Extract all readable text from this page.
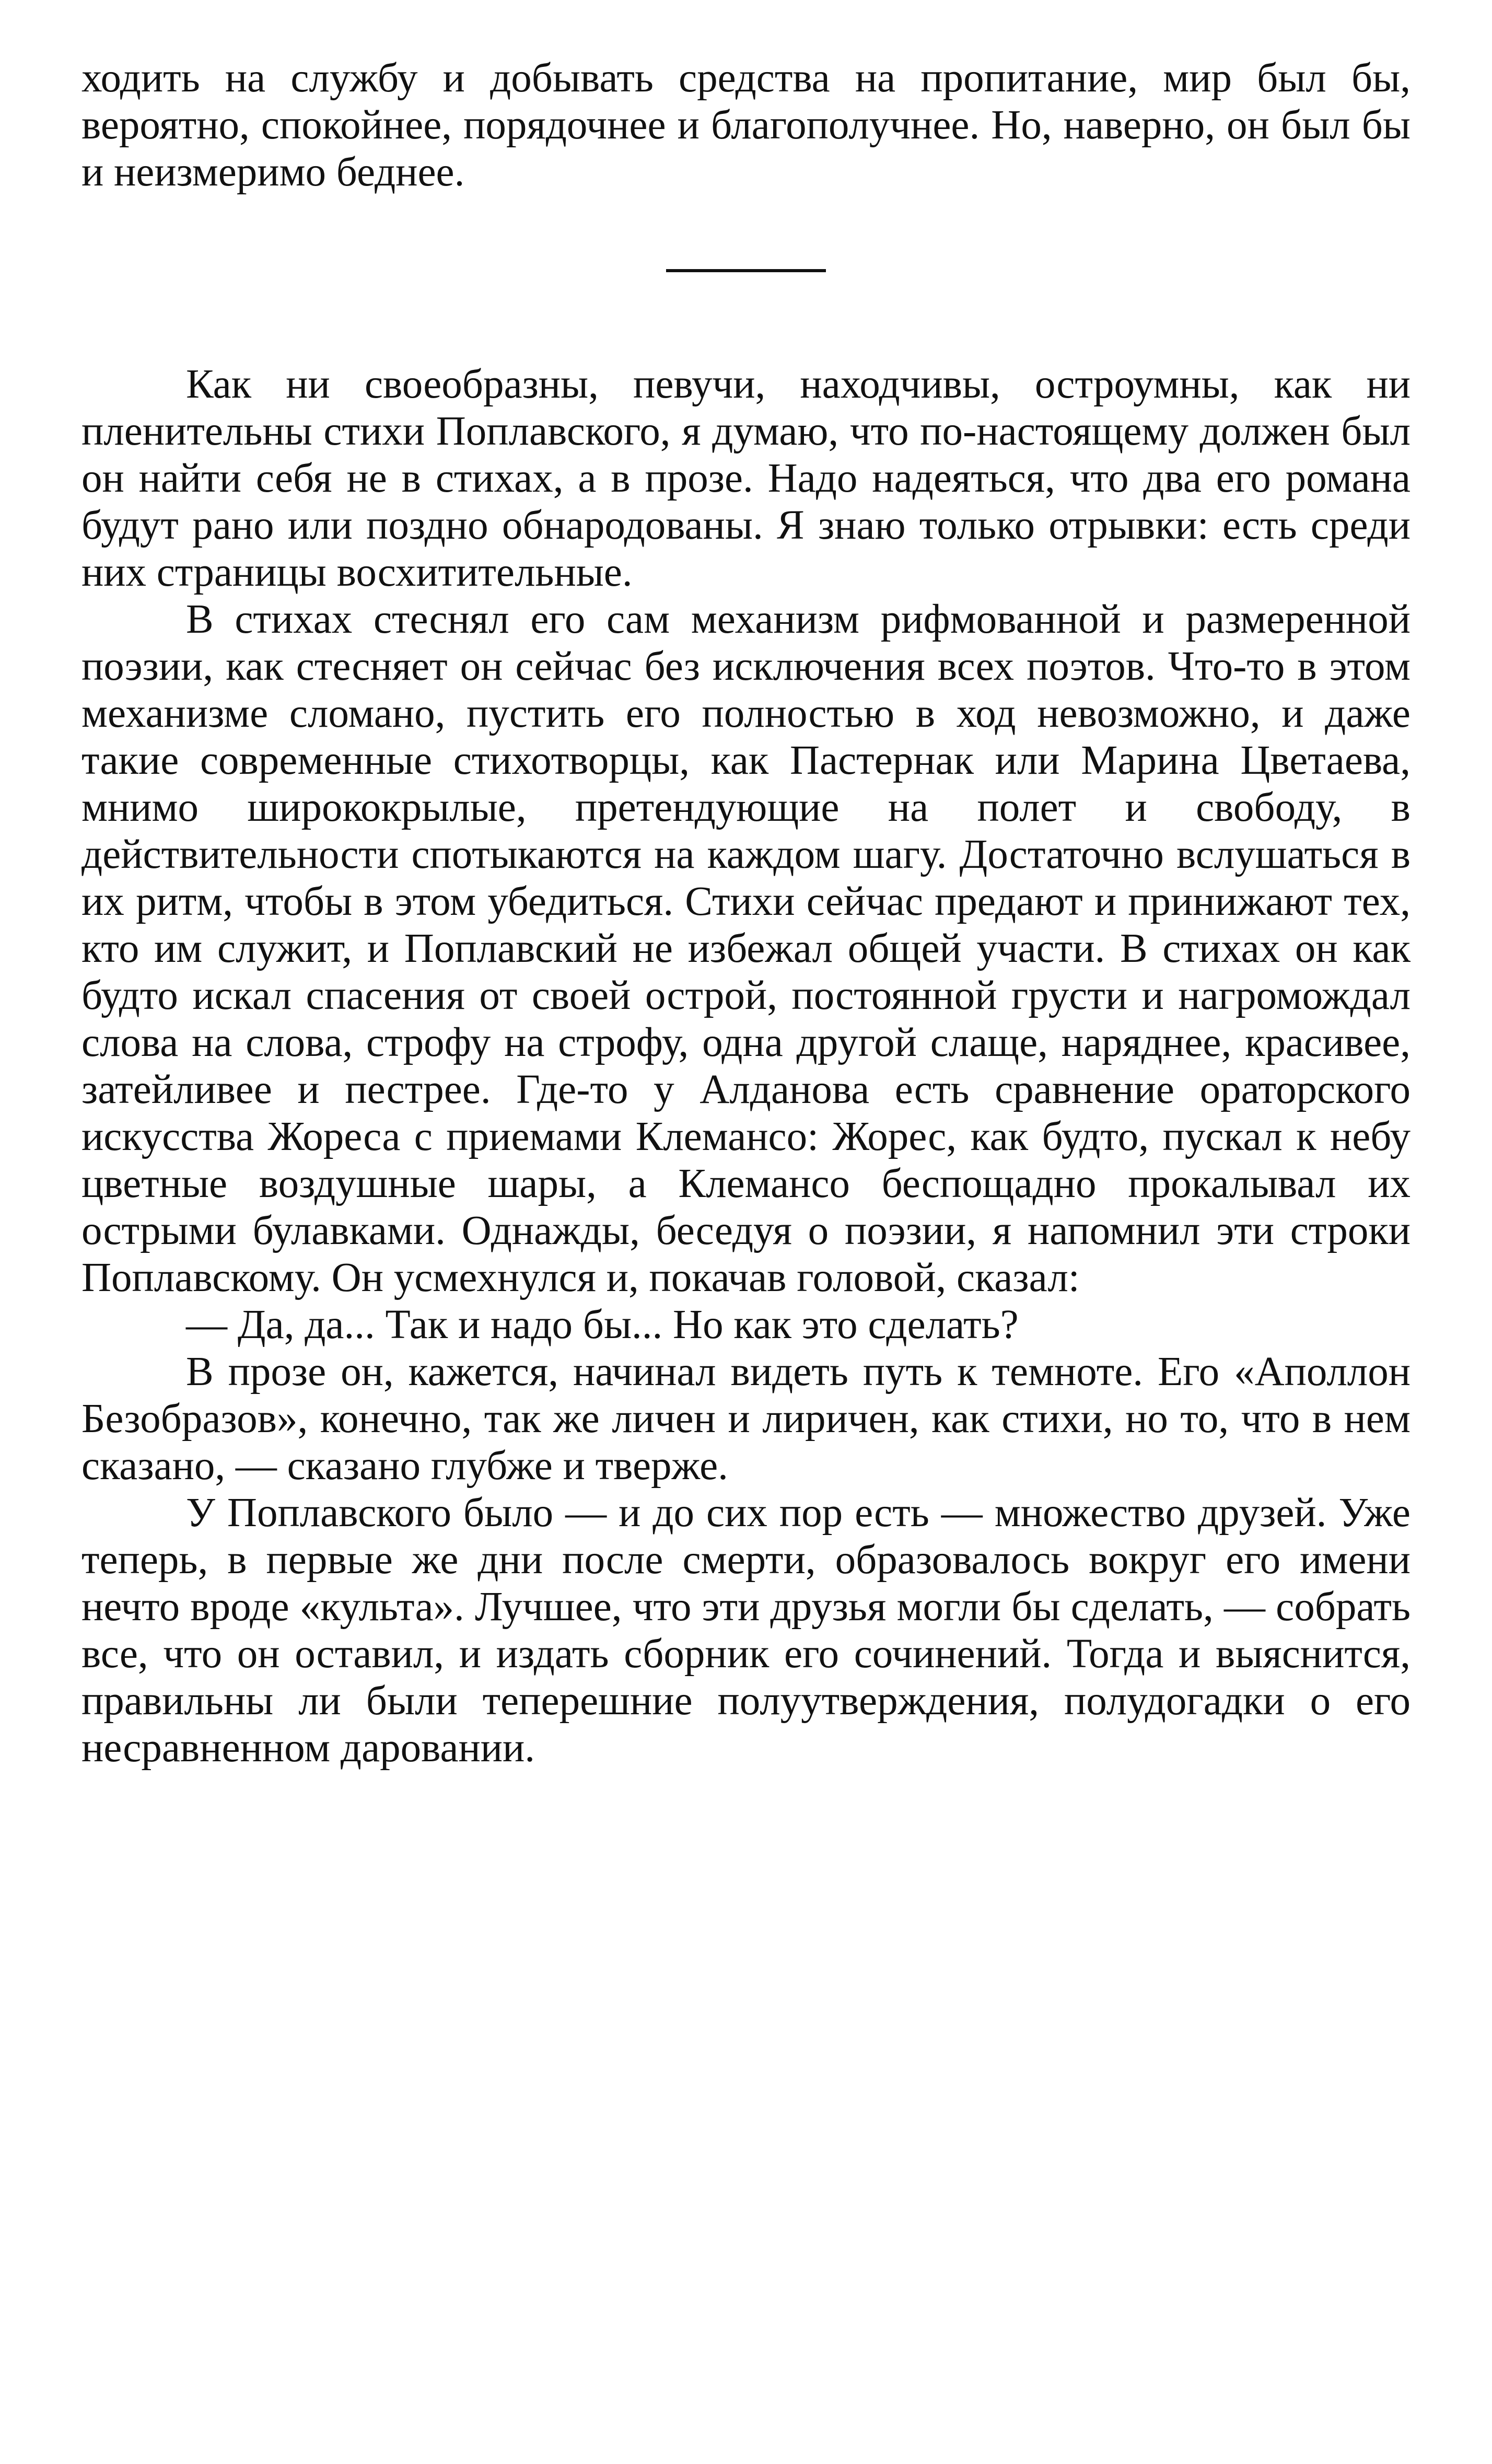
ходить на службу и добывать средства на пропитание, мир был бы, вероятно, спокойнее, порядочнее и благополучнее. Но, наверно, он был бы и неизмеримо беднее.

Как ни своеобразны, певучи, находчивы, остроумны, как ни пленительны стихи Поплавского, я думаю, что по-настоящему должен был он найти себя не в стихах, а в прозе. Надо надеяться, что два его романа будут рано или поздно обнародованы. Я знаю только отрывки: есть среди них страницы восхитительные.

В стихах стеснял его сам механизм рифмованной и размеренной поэзии, как стесняет он сейчас без исключения всех поэтов. Что-то в этом механизме сломано, пустить его полностью в ход невозможно, и даже такие современные стихотворцы, как Пастернак или Марина Цветаева, мнимо ширококрылые, претендующие на полет и свободу, в действительности спотыкаются на каждом шагу. Достаточно вслушаться в их ритм, чтобы в этом убедиться. Стихи сейчас предают и принижают тех, кто им служит, и Поплавский не избежал общей участи. В стихах он как будто искал спасения от своей острой, постоянной грусти и нагромождал слова на слова, строфу на строфу, одна другой слаще, наряднее, красивее, затейливее и пестрее. Где-то у Алданова есть сравнение ораторского искусства Жореса с приемами Клемансо: Жорес, как будто, пускал к небу цветные воздушные шары, а Клемансо беспощадно прокалывал их острыми булавками. Однажды, беседуя о поэзии, я напомнил эти строки Поплавскому. Он усмехнулся и, покачав головой, сказал:

— Да, да... Так и надо бы... Но как это сделать?

В прозе он, кажется, начинал видеть путь к темноте. Его «Аполлон Безобразов», конечно, так же личен и лиричен, как стихи, но то, что в нем сказано, — сказано глубже и тверже.

У Поплавского было — и до сих пор есть — множество друзей. Уже теперь, в первые же дни после смерти, образовалось вокруг его имени нечто вроде «культа». Лучшее, что эти друзья могли бы сделать, — собрать все, что он оставил, и издать сборник его сочинений. Тогда и выяснится, правильны ли были теперешние полуутверждения, полудогадки о его несравненном даровании.
